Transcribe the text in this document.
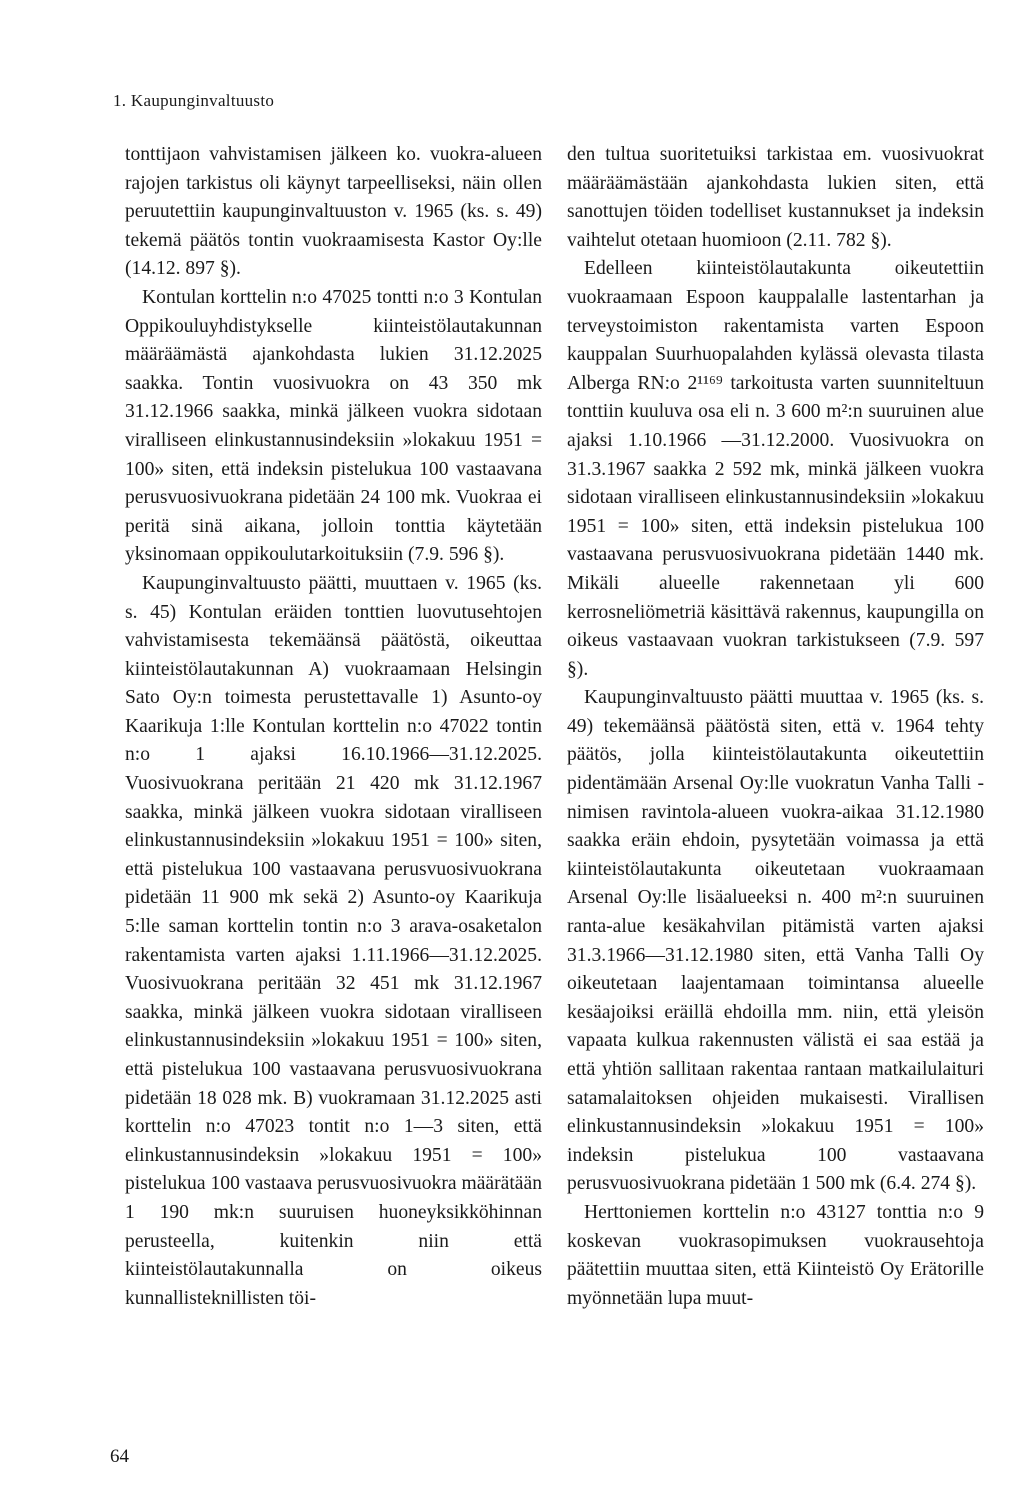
1. Kaupunginvaltuusto

tonttijaon vahvistamisen jälkeen ko. vuokra-alueen rajojen tarkistus oli käynyt tarpeelliseksi, näin ollen peruutettiin kaupunginvaltuuston v. 1965 (ks. s. 49) tekemä päätös tontin vuokraamisesta Kastor Oy:lle (14.12. 897 §).

Kontulan korttelin n:o 47025 tontti n:o 3 Kontulan Oppikouluyhdistykselle kiinteistölautakunnan määräämästä ajankohdasta lukien 31.12.2025 saakka. Tontin vuosivuokra on 43 350 mk 31.12.1966 saakka, minkä jälkeen vuokra sidotaan viralliseen elinkustannusindeksiin »lokakuu 1951 = 100» siten, että indeksin pistelukua 100 vastaavana perusvuosivuokrana pidetään 24 100 mk. Vuokraa ei peritä sinä aikana, jolloin tonttia käytetään yksinomaan oppikoulutarkoituksiin (7.9. 596 §).

Kaupunginvaltuusto päätti, muuttaen v. 1965 (ks. s. 45) Kontulan eräiden tonttien luovutusehtojen vahvistamisesta tekemäänsä päätöstä, oikeuttaa kiinteistölautakunnan A) vuokraamaan Helsingin Sato Oy:n toimesta perustettavalle 1) Asunto-oy Kaarikuja 1:lle Kontulan korttelin n:o 47022 tontin n:o 1 ajaksi 16.10.1966—31.12.2025. Vuosivuokrana peritään 21 420 mk 31.12.1967 saakka, minkä jälkeen vuokra sidotaan viralliseen elinkustannusindeksiin »lokakuu 1951 = 100» siten, että pistelukua 100 vastaavana perusvuosivuokrana pidetään 11 900 mk sekä 2) Asunto-oy Kaarikuja 5:lle saman korttelin tontin n:o 3 arava-osaketalon rakentamista varten ajaksi 1.11.1966—31.12.2025. Vuosivuokrana peritään 32 451 mk 31.12.1967 saakka, minkä jälkeen vuokra sidotaan viralliseen elinkustannusindeksiin »lokakuu 1951 = 100» siten, että pistelukua 100 vastaavana perusvuosivuokrana pidetään 18 028 mk. B) vuokramaan 31.12.2025 asti korttelin n:o 47023 tontit n:o 1—3 siten, että elinkustannusindeksin »lokakuu 1951 = 100» pistelukua 100 vastaava perusvuosivuokra määrätään 1 190 mk:n suuruisen huoneyksikköhinnan perusteella, kuitenkin niin että kiinteistölautakunnalla on oikeus kunnallisteknillisten töi-

den tultua suoritetuiksi tarkistaa em. vuosivuokrat määräämästään ajankohdasta lukien siten, että sanottujen töiden todelliset kustannukset ja indeksin vaihtelut otetaan huomioon (2.11. 782 §).

Edelleen kiinteistölautakunta oikeutettiin vuokraamaan Espoon kauppalalle lastentarhan ja terveystoimiston rakentamista varten Espoon kauppalan Suurhuopalahden kylässä olevasta tilasta Alberga RN:o 2¹¹⁶⁹ tarkoitusta varten suunniteltuun tonttiin kuuluva osa eli n. 3 600 m²:n suuruinen alue ajaksi 1.10.1966 —31.12.2000. Vuosivuokra on 31.3.1967 saakka 2 592 mk, minkä jälkeen vuokra sidotaan viralliseen elinkustannusindeksiin »lokakuu 1951 = 100» siten, että indeksin pistelukua 100 vastaavana perusvuosivuokrana pidetään 1440 mk. Mikäli alueelle rakennetaan yli 600 kerrosneliömetriä käsittävä rakennus, kaupungilla on oikeus vastaavaan vuokran tarkistukseen (7.9. 597 §).

Kaupunginvaltuusto päätti muuttaa v. 1965 (ks. s. 49) tekemäänsä päätöstä siten, että v. 1964 tehty päätös, jolla kiinteistölautakunta oikeutettiin pidentämään Arsenal Oy:lle vuokratun Vanha Talli -nimisen ravintola-alueen vuokra-aikaa 31.12.1980 saakka eräin ehdoin, pysytetään voimassa ja että kiinteistölautakunta oikeutetaan vuokraamaan Arsenal Oy:lle lisäalueeksi n. 400 m²:n suuruinen ranta-alue kesäkahvilan pitämistä varten ajaksi 31.3.1966—31.12.1980 siten, että Vanha Talli Oy oikeutetaan laajentamaan toimintansa alueelle kesäajoiksi eräillä ehdoilla mm. niin, että yleisön vapaata kulkua rakennusten välistä ei saa estää ja että yhtiön sallitaan rakentaa rantaan matkailulaituri satamalaitoksen ohjeiden mukaisesti. Virallisen elinkustannusindeksin »lokakuu 1951 = 100» indeksin pistelukua 100 vastaavana perusvuosivuokrana pidetään 1 500 mk (6.4. 274 §).

Herttoniemen korttelin n:o 43127 tonttia n:o 9 koskevan vuokrasopimuksen vuokrausehtoja päätettiin muuttaa siten, että Kiinteistö Oy Erätorille myönnetään lupa muut-

64
